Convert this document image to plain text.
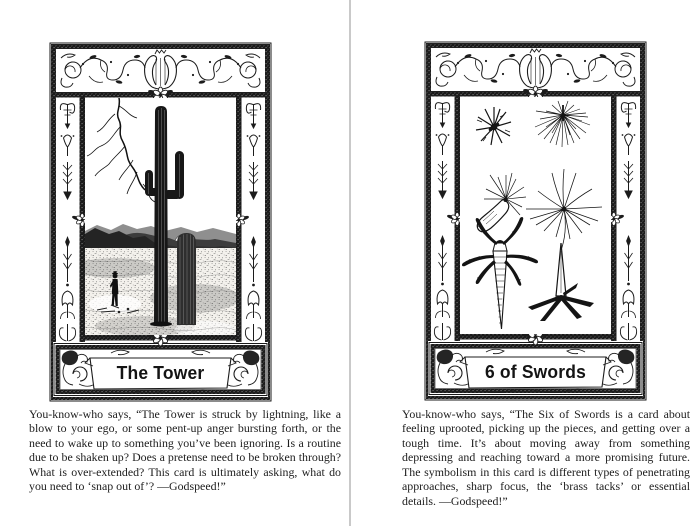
The Tower	6 of Swords

You-know-who says, “The Tower is struck by lightning, like a blow to your ego, or some pent-up anger bursting forth, or the need to wake up to something you’ve been ignoring. Is a routine due to be shaken up? Does a pretense need to be broken through? What is over-extended? This card is ultimately asking, what do you need to ‘snap out of’? —Godspeed!”

You-know-who says, “The Six of Swords is a card about feeling uprooted, picking up the pieces, and getting over a tough time. It’s about moving away from something depressing and reaching toward a more promising future. The symbolism in this card is different types of penetrating approaches, sharp focus, the ‘brass tacks’ or essential details. —Godspeed!”
